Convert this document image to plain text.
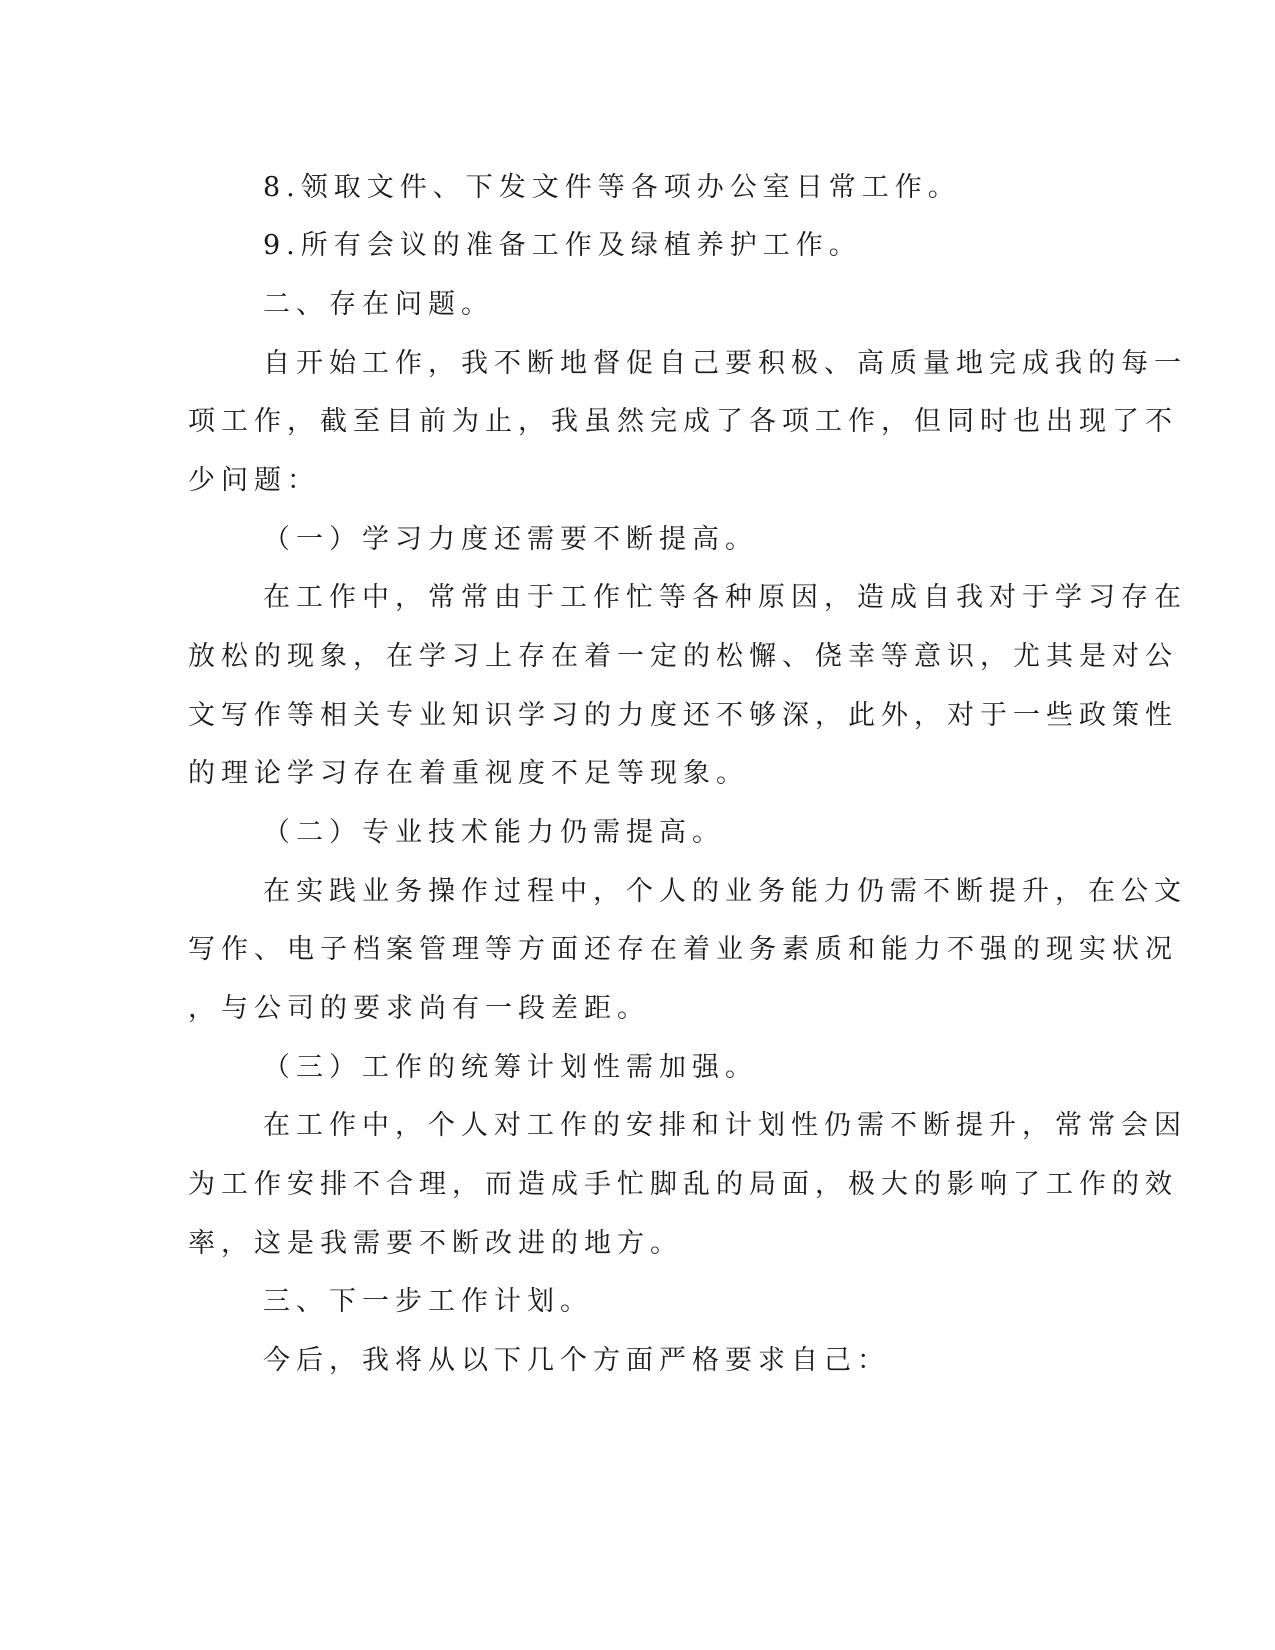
8.领取文件、下发文件等各项办公室日常工作。
9.所有会议的准备工作及绿植养护工作。
二、存在问题。
自开始工作，我不断地督促自己要积极、高质量地完成我的每一
项工作，截至目前为止，我虽然完成了各项工作，但同时也出现了不
少问题：
（一）学习力度还需要不断提高。
在工作中，常常由于工作忙等各种原因，造成自我对于学习存在
放松的现象，在学习上存在着一定的松懈、侥幸等意识，尤其是对公
文写作等相关专业知识学习的力度还不够深，此外，对于一些政策性
的理论学习存在着重视度不足等现象。
（二）专业技术能力仍需提高。
在实践业务操作过程中，个人的业务能力仍需不断提升，在公文
写作、电子档案管理等方面还存在着业务素质和能力不强的现实状况
，与公司的要求尚有一段差距。
（三）工作的统筹计划性需加强。
在工作中，个人对工作的安排和计划性仍需不断提升，常常会因
为工作安排不合理，而造成手忙脚乱的局面，极大的影响了工作的效
率，这是我需要不断改进的地方。
三、下一步工作计划。
今后，我将从以下几个方面严格要求自己：
